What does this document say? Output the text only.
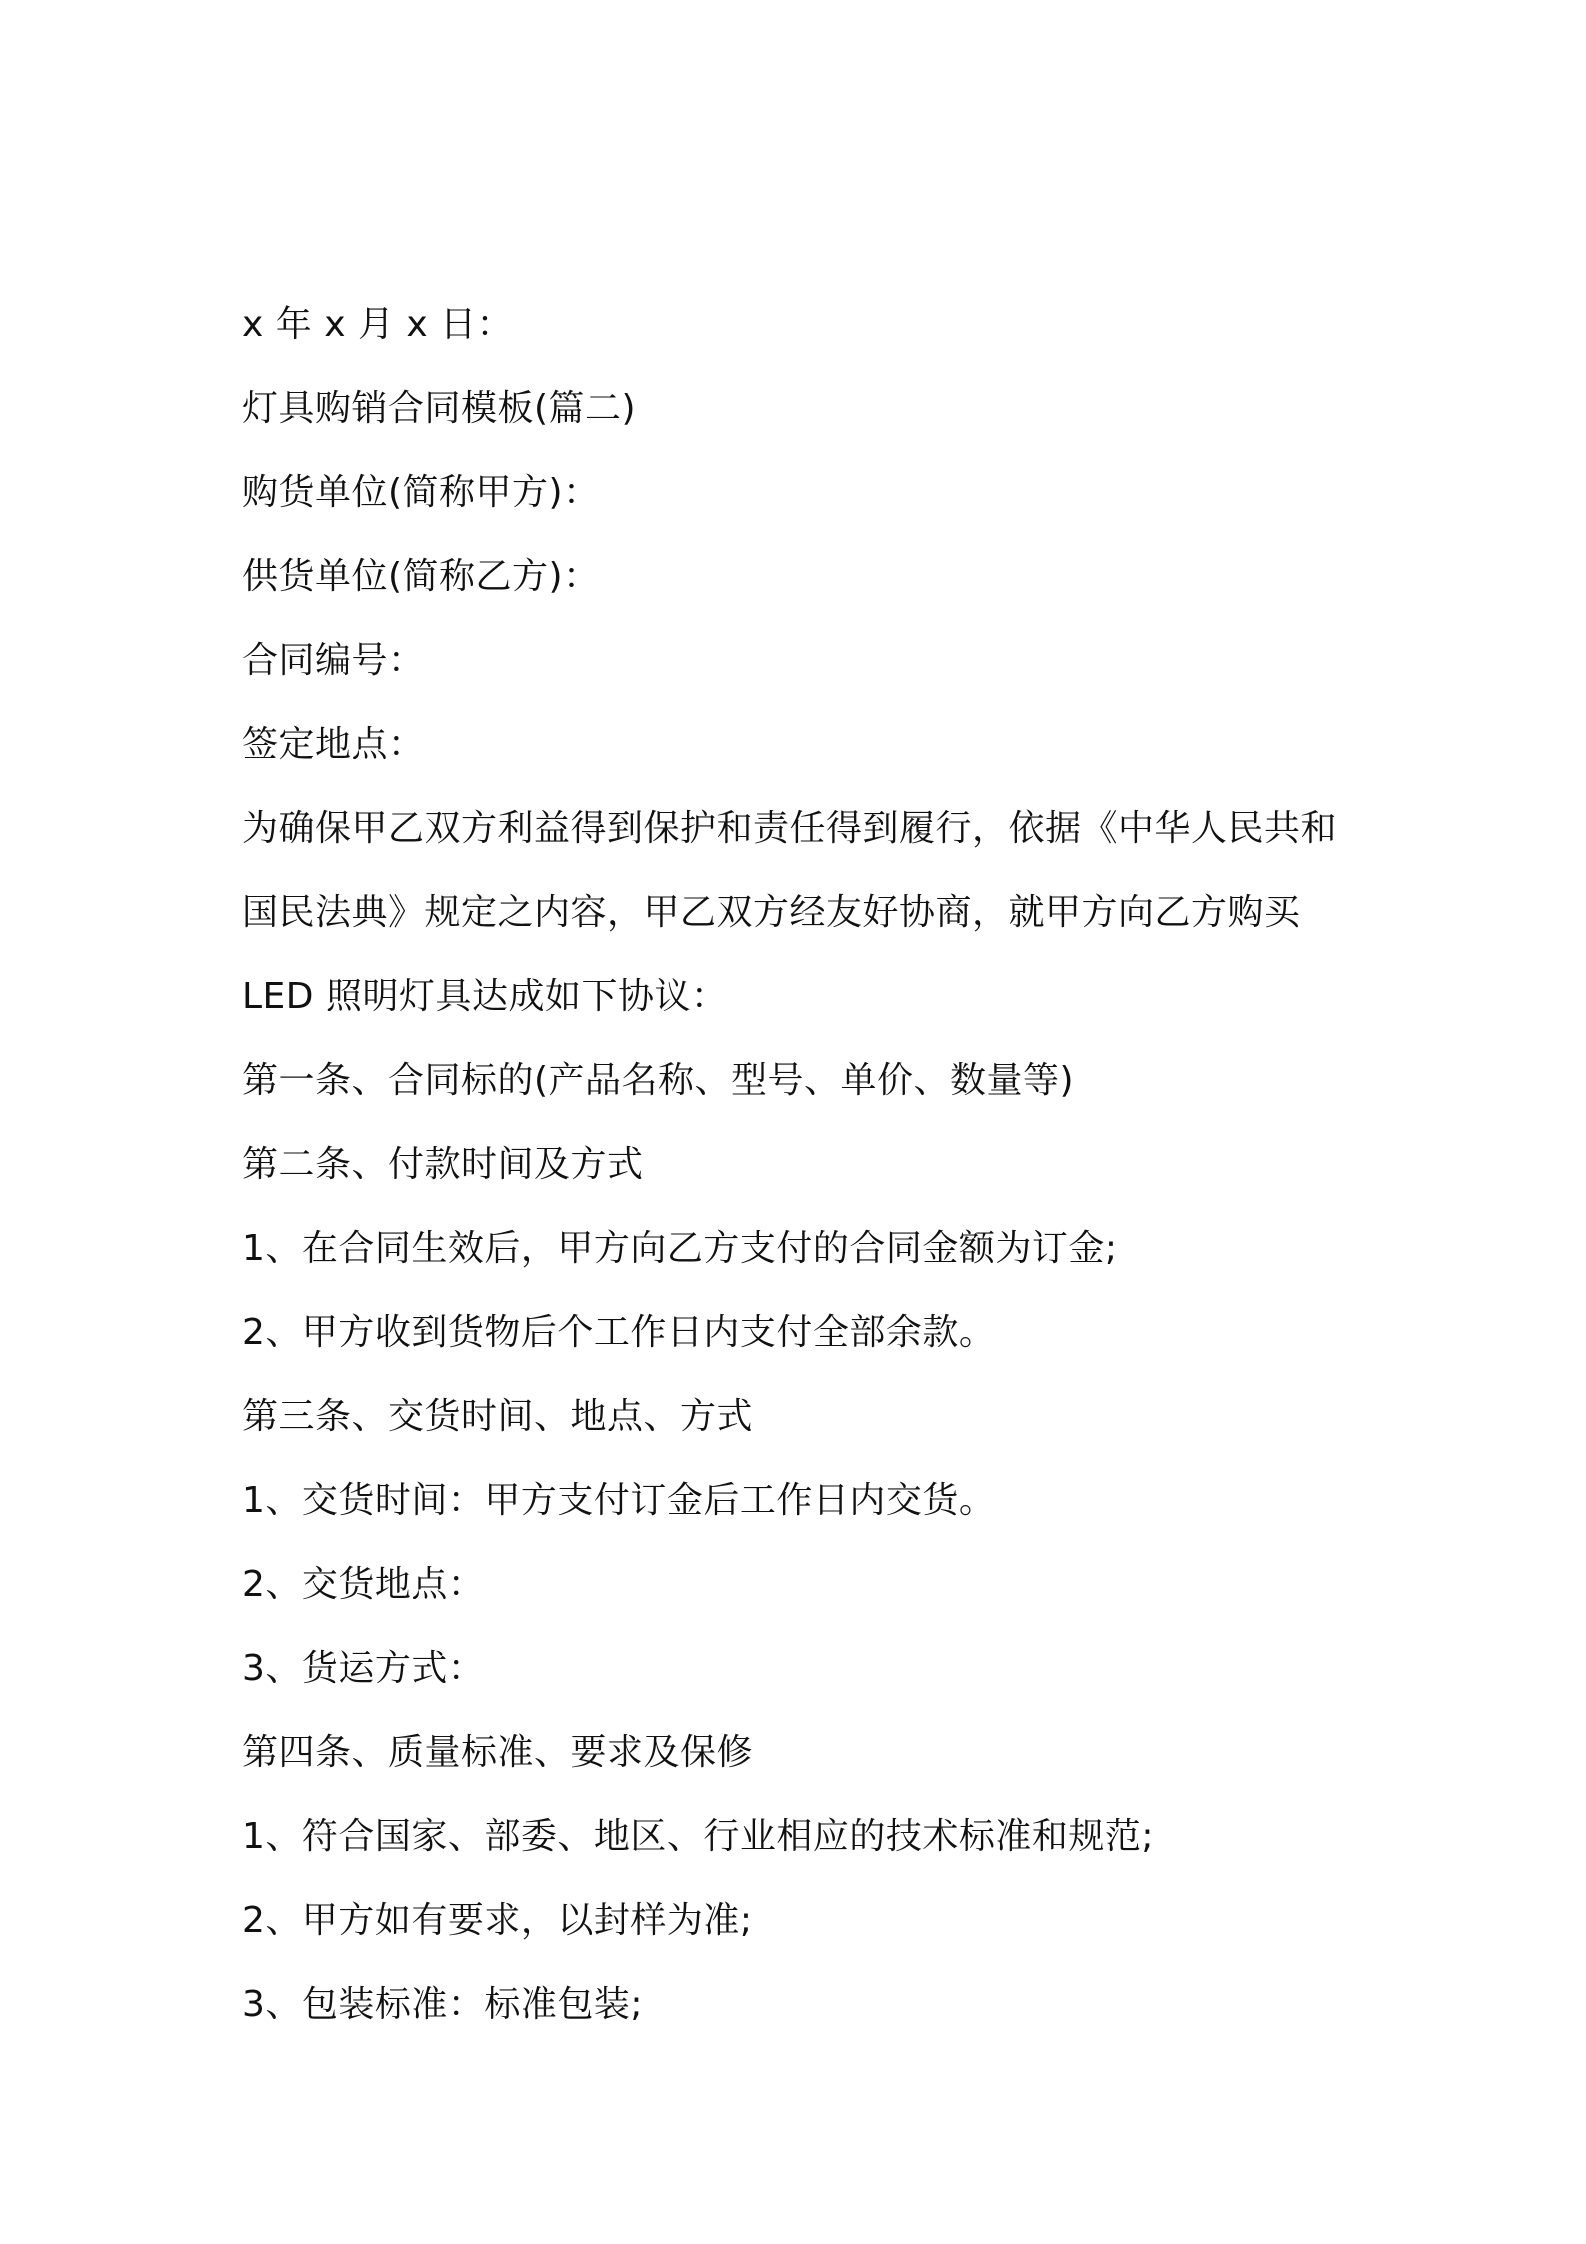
x 年 x 月 x 日：
灯具购销合同模板(篇二)
购货单位(简称甲方)：
供货单位(简称乙方)：
合同编号：
签定地点：
为确保甲乙双方利益得到保护和责任得到履行，依据《中华人民共和
国民法典》规定之内容，甲乙双方经友好协商，就甲方向乙方购买
LED 照明灯具达成如下协议：
第一条、合同标的(产品名称、型号、单价、数量等)
第二条、付款时间及方式
1、在合同生效后，甲方向乙方支付的合同金额为订金;
2、甲方收到货物后个工作日内支付全部余款。
第三条、交货时间、地点、方式
1、交货时间：甲方支付订金后工作日内交货。
2、交货地点：
3、货运方式：
第四条、质量标准、要求及保修
1、符合国家、部委、地区、行业相应的技术标准和规范;
2、甲方如有要求，以封样为准;
3、包装标准：标准包装;
